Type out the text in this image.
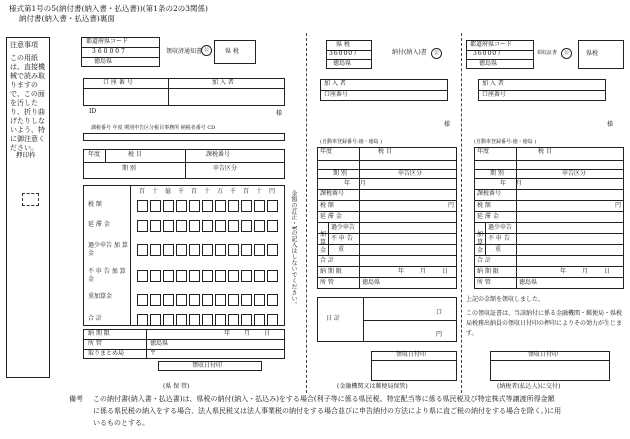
様式第1号の5(納付書(納入書・払込書))(第1条の2の3関係)
納付書(納入書・払込書)裏面
注意事項
この用紙は、直接機械で読み取りますので、この面を汚したり、折り曲げたりしないよう、特に御注意ください。
押印枠
都道府県コード
360007
徳島県
領収済通知書 公	県 税
口 座 番 号	加 入 者
ID	様
課税番号 年度 期別申告区分税目事務所 納税者番号 CD
年度	税 目	課税番号
期 別	申告区分
百 十 億 千 百 十 万 千 百 十 円
税 額
延 滞 金
過少申告 加 算 金
不 申 告 加 算 金
重加算金
合 計
金額の訂正・¥の記入はしないでください。
納 期 限	年 月 日
所 管	徳島県
取りまとめ局	〒
領収日付印
(県 保 管)
県 税
360007
徳島県
納付(納入)書 公
加 入 者
口座番号
様
(自動車登録番号:徳・徳島 )
年度	税 目
期 別	申告区分
年 月
課税番号
税 額	円
延 滞 金
加算金
過少申告
不 申 告
重
合 計
納 期 限	年 月 日
所 管	徳島県
日 計
口
円
領収日付印
(金融機関又は郵便局保管)
都道府県コード
360007
徳島県
領収証書 公	県税
加 入 者
口座番号
様
(自動車登録番号:徳・徳島 )
年度	税 目
期 別	申告区分
年 月
課税番号
税 額	円
延 滞 金
加算金
過少申告
不 申 告
重
合 計
納 期 限	年 月 日
所 管	徳島県
上記の金額を領収しました。
この領収証書は、当該納付に係る金融機関・郵便局・県税局税務出納員の領収日付印の押印によりその効力が生じます。
領収日付印
(納税者(払込人)に交付)
備考 この納付書(納入書・払込書)は、県税の納付(納入・払込み)をする場合(利子等に係る県民税、特定配当等に係る県民税及び特定株式等譲渡所得金額
に係る県民税の納入をする場合、法人県民税又は法人事業税の納付をする場合並びに申告納付の方法により県に直ご税の納付をする場合を除く。)に用
いるものとする。
